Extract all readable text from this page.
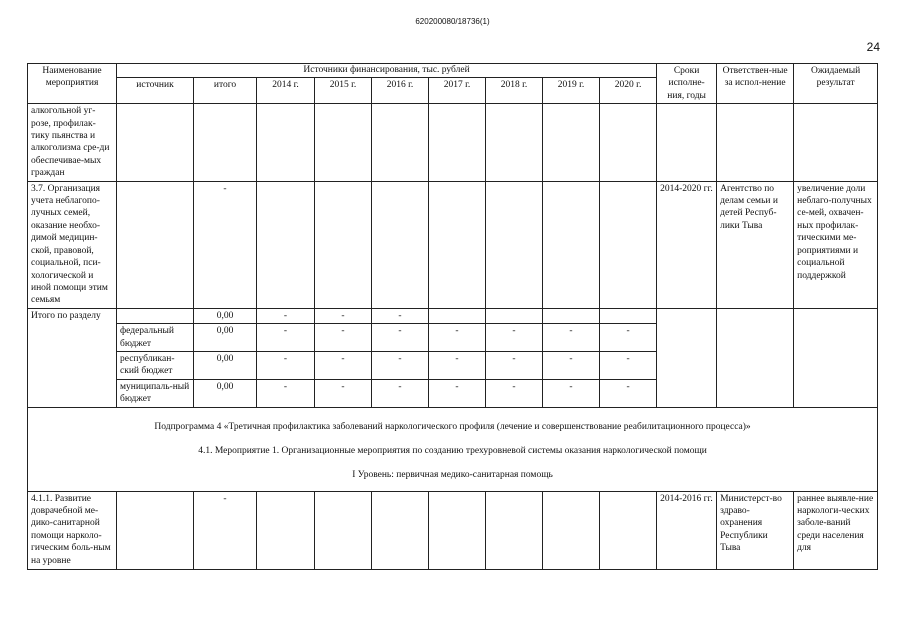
620200080/18736(1)
24
Наименование мероприятия	Источники финансирования, тыс. рублей									Сроки исполне-ния, годы	Ответствен-ные за испол-нение	Ожидаемый результат
	источник	итого	2014 г.	2015 г.	2016 г.	2017 г.	2018 г.	2019 г.	2020 г.			
алкогольной уг-розе, профилак-тику пьянства и алкоголизма сре-ди обеспечивае-мых граждан												
3.7. Организация учета неблагопо-лучных семей, оказание необхо-димой медицин-ской, правовой, социальной, пси-хологической и иной помощи этим семьям		-								2014-2020 гг.	Агентство по делам семьи и детей Респуб-лики Тыва	увеличение доли неблаго-получных се-мей, охвачен-ных профилак-тическими ме-роприятиями и социальной поддержкой
Итого по разделу		0,00	-	-	-							
	федеральный бюджет	0,00	-	-	-	-	-	-	-			
	республикан-ский бюджет	0,00	-	-	-	-	-	-	-			
	муниципаль-ный бюджет	0,00	-	-	-	-	-	-	-			

Подпрограмма 4 «Третичная профилактика заболеваний наркологического профиля (лечение и совершенствование реабилитационного процесса)»
4.1. Мероприятие 1. Организационные мероприятия по созданию трехуровневой системы оказания наркологической помощи
I Уровень: первичная медико-санитарная помощь												

4.1.1. Развитие доврачебной ме-дико-санитарной помощи нарколо-гическим боль-ным на уровне		-								2014-2016 гг.	Министерст-во здраво-охранения Республики Тыва	раннее выявле-ние наркологи-ческих заболе-ваний среди населения для
